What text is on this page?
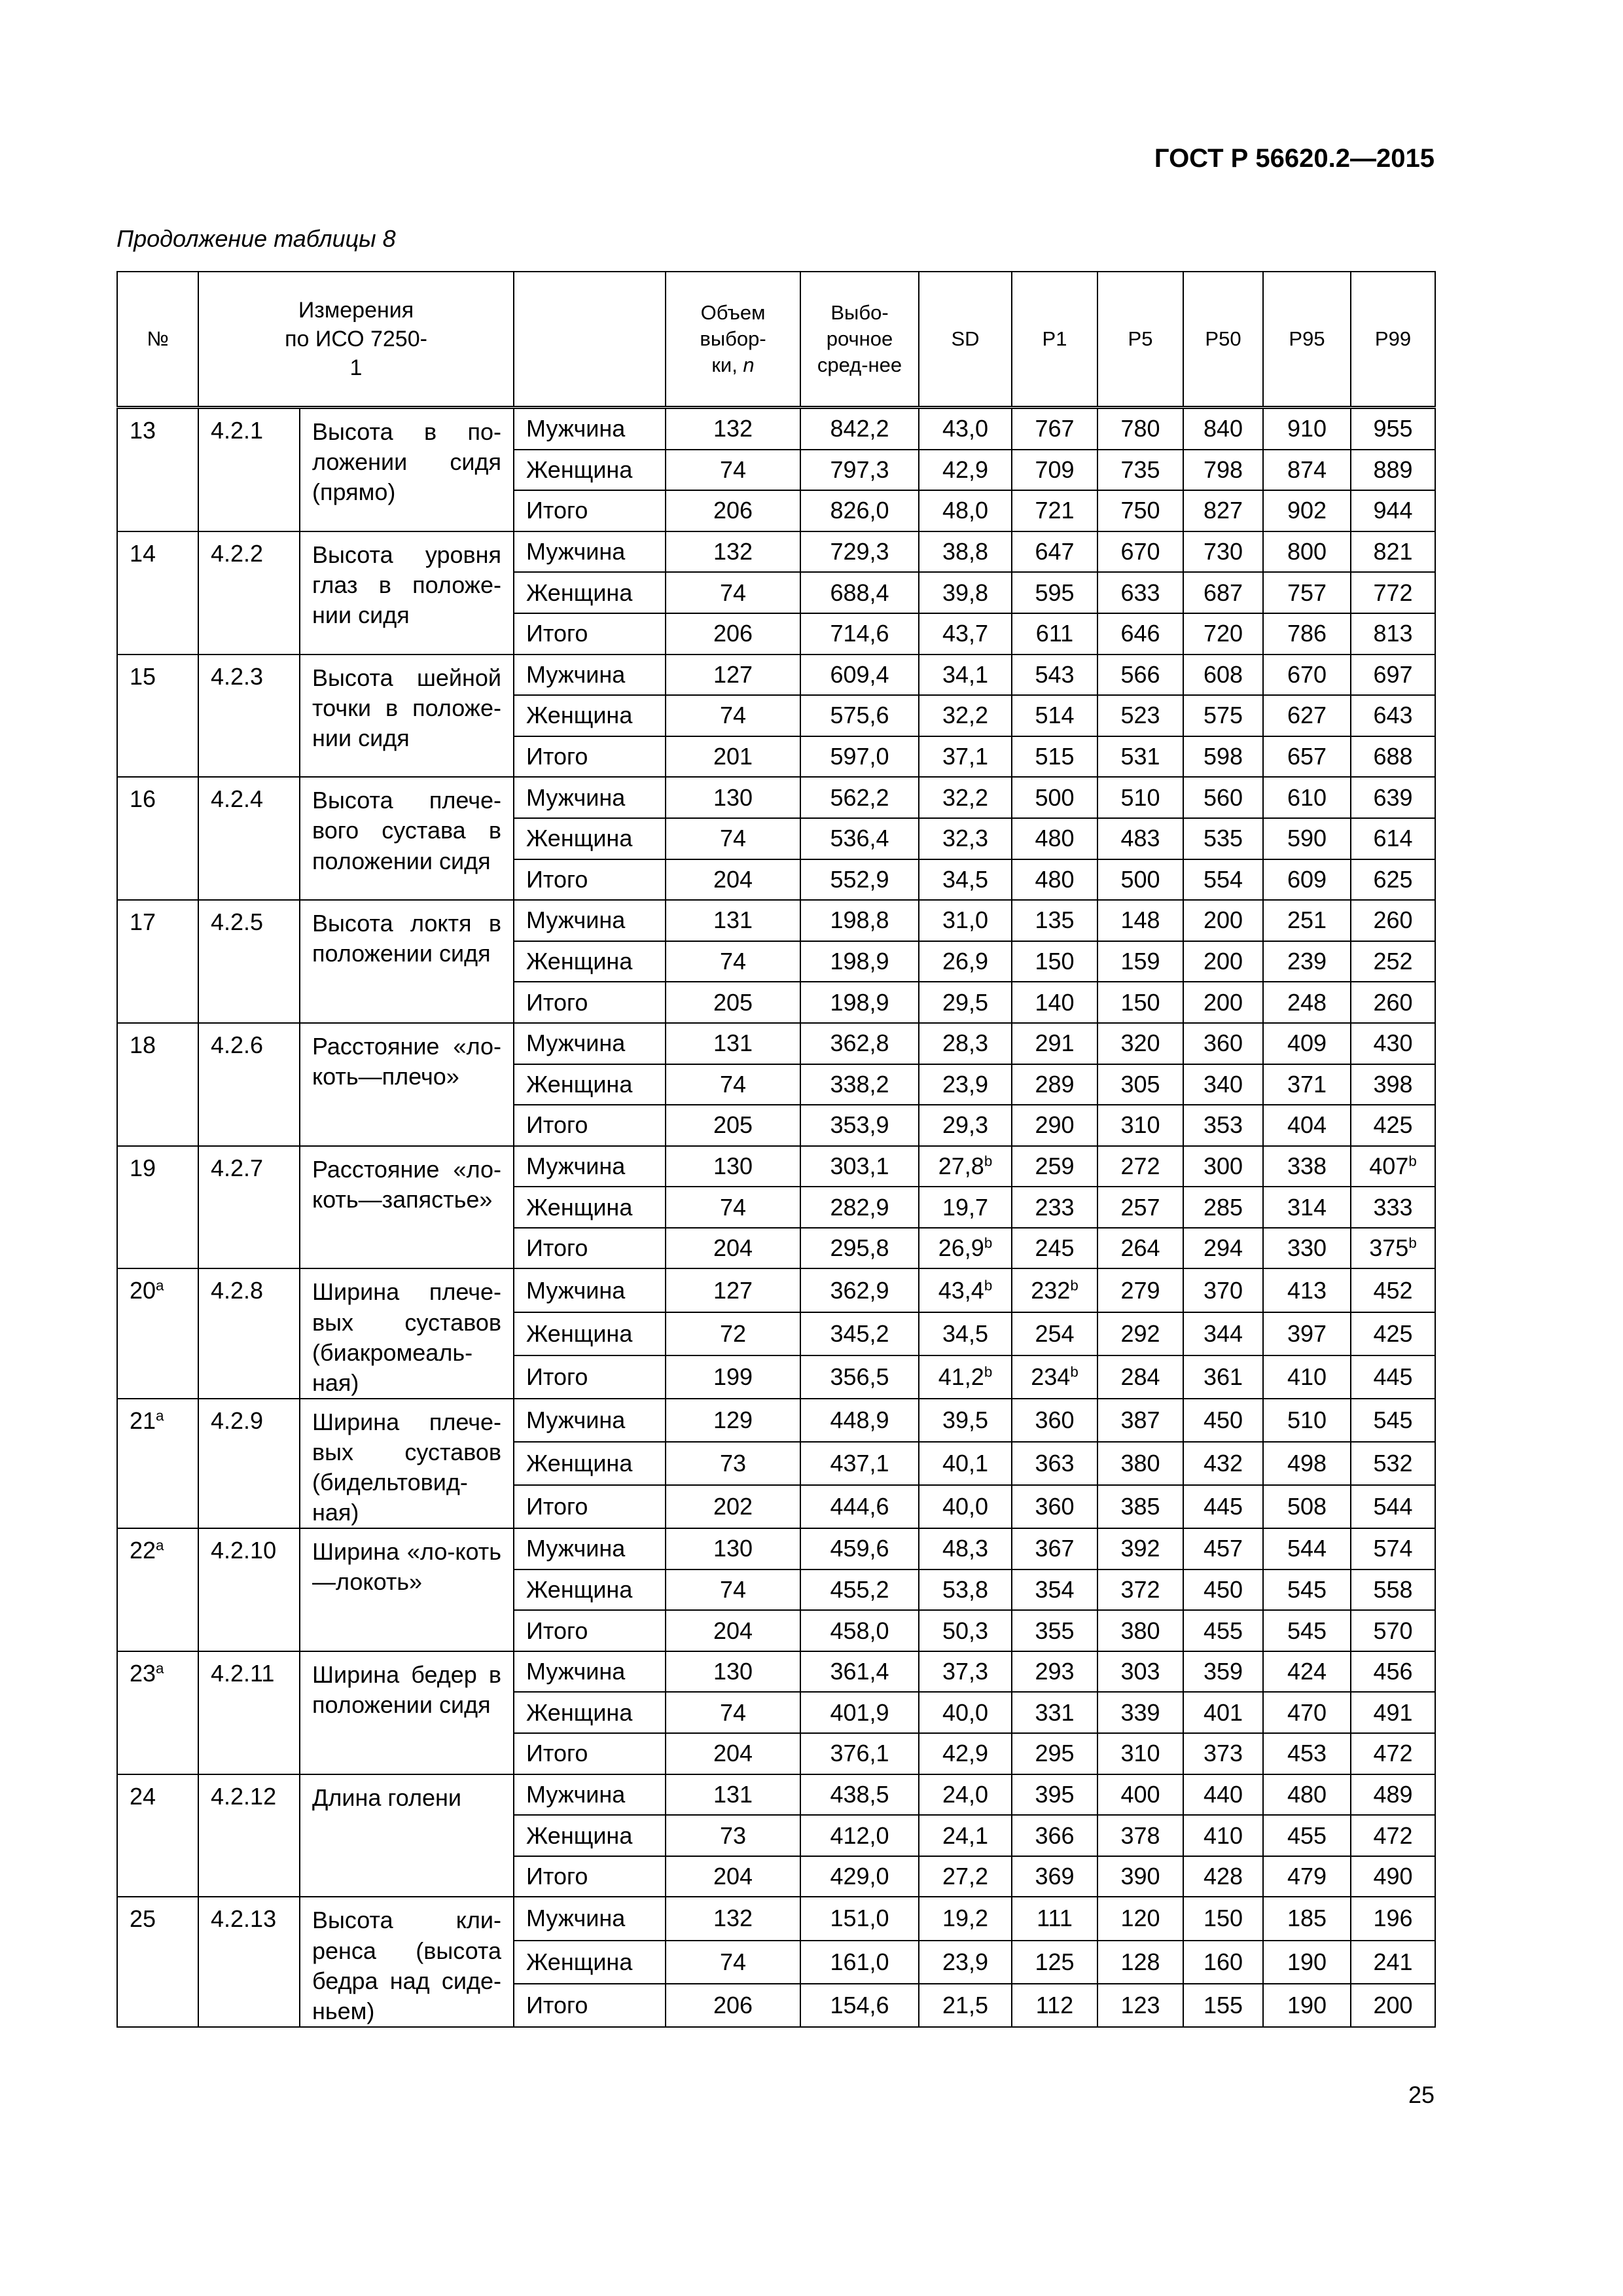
ГОСТ Р 56620.2—2015
Продолжение таблицы 8
№	Измерения по ИСО 7250-1			Объем выбор-ки, n	Выбо-рочное сред-нее	SD	P1	P5	P50	P95	P99
13	4.2.1	Высота в по-ложении сидя (прямо)	Мужчина	132	842,2	43,0	767	780	840	910	955
			Женщина	74	797,3	42,9	709	735	798	874	889
			Итого	206	826,0	48,0	721	750	827	902	944
14	4.2.2	Высота уровня глаз в положе-нии сидя	Мужчина	132	729,3	38,8	647	670	730	800	821
			Женщина	74	688,4	39,8	595	633	687	757	772
			Итого	206	714,6	43,7	611	646	720	786	813
15	4.2.3	Высота шейной точки в положе-нии сидя	Мужчина	127	609,4	34,1	543	566	608	670	697
			Женщина	74	575,6	32,2	514	523	575	627	643
			Итого	201	597,0	37,1	515	531	598	657	688
16	4.2.4	Высота плече-вого сустава в положении сидя	Мужчина	130	562,2	32,2	500	510	560	610	639
			Женщина	74	536,4	32,3	480	483	535	590	614
			Итого	204	552,9	34,5	480	500	554	609	625
17	4.2.5	Высота локтя в положении сидя	Мужчина	131	198,8	31,0	135	148	200	251	260
			Женщина	74	198,9	26,9	150	159	200	239	252
			Итого	205	198,9	29,5	140	150	200	248	260
18	4.2.6	Расстояние «ло-коть—плечо»	Мужчина	131	362,8	28,3	291	320	360	409	430
			Женщина	74	338,2	23,9	289	305	340	371	398
			Итого	205	353,9	29,3	290	310	353	404	425
19	4.2.7	Расстояние «ло-коть—запястье»	Мужчина	130	303,1	27,8$^b$	259	272	300	338	407$^b$
			Женщина	74	282,9	19,7	233	257	285	314	333
			Итого	204	295,8	26,9$^b$	245	264	294	330	375$^b$
20$^a$	4.2.8	Ширина плече-вых суставов (биакромеаль-ная)	Мужчина	127	362,9	43,4$^b$	232$^b$	279	370	413	452
			Женщина	72	345,2	34,5	254	292	344	397	425
			Итого	199	356,5	41,2$^b$	234$^b$	284	361	410	445
21$^a$	4.2.9	Ширина плече-вых суставов (бидельтовид-ная)	Мужчина	129	448,9	39,5	360	387	450	510	545
			Женщина	73	437,1	40,1	363	380	432	498	532
			Итого	202	444,6	40,0	360	385	445	508	544
22$^a$	4.2.10	Ширина «ло-коть—локоть»	Мужчина	130	459,6	48,3	367	392	457	544	574
			Женщина	74	455,2	53,8	354	372	450	545	558
			Итого	204	458,0	50,3	355	380	455	545	570
23$^a$	4.2.11	Ширина бедер в положении сидя	Мужчина	130	361,4	37,3	293	303	359	424	456
			Женщина	74	401,9	40,0	331	339	401	470	491
			Итого	204	376,1	42,9	295	310	373	453	472
24	4.2.12	Длина голени	Мужчина	131	438,5	24,0	395	400	440	480	489
			Женщина	73	412,0	24,1	366	378	410	455	472
			Итого	204	429,0	27,2	369	390	428	479	490
25	4.2.13	Высота кли-ренса (высота бедра над сиде-ньем)	Мужчина	132	151,0	19,2	111	120	150	185	196
			Женщина	74	161,0	23,9	125	128	160	190	241
			Итого	206	154,6	21,5	112	123	155	190	200
25
